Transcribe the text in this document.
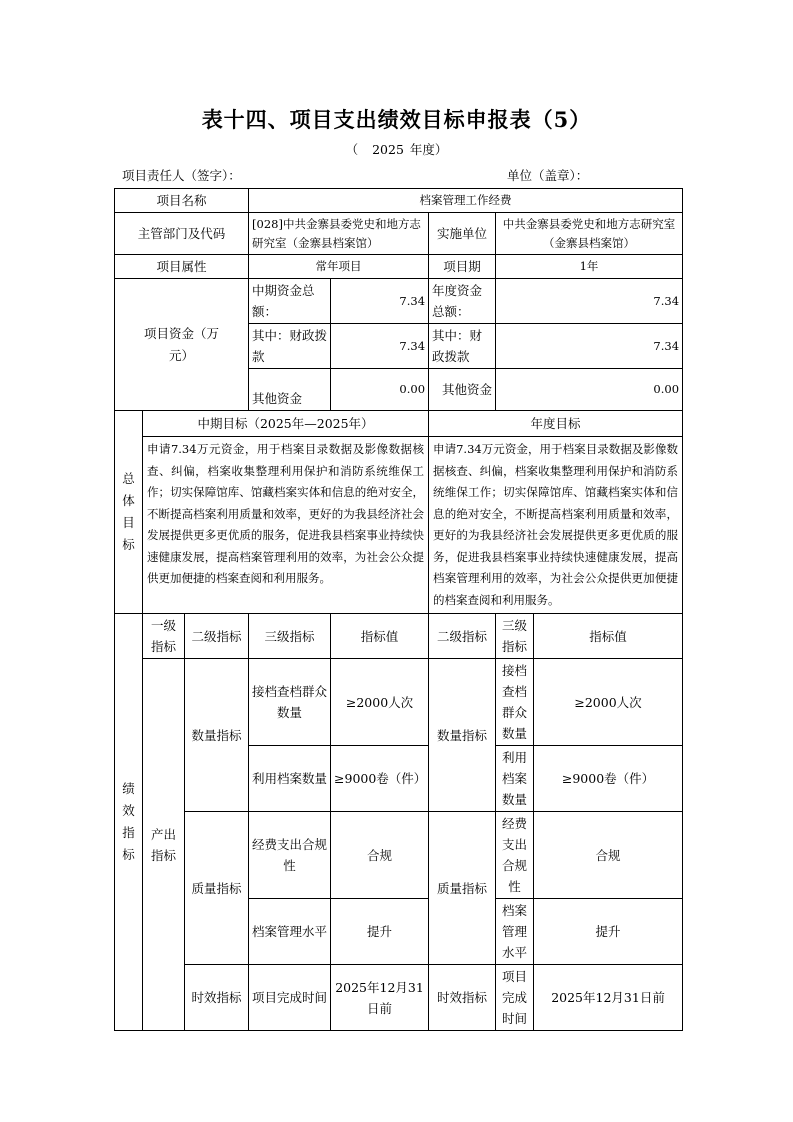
表十四、项目支出绩效目标申报表（5）
（ 2025 年度）
项目责任人（签字）：	单位（盖章）：
项目名称			档案管理工作经费				
主管部门及代码			[028]中共金寨县委党史和地方志研究室（金寨县档案馆）		实施单位	中共金寨县委党史和地方志研究室（金寨县档案馆）	
项目属性			常年项目		项目期	1年	
项目资金（万元）			中期资金总额：	7.34	年度资金总额：	7.34	
			其中：财政拨款	7.34	其中：财政拨款	7.34	
			其他资金	0.00	其他资金	0.00	
总体目标	中期目标（2025年—2025年）				年度目标		
	申请7.34万元资金，用于档案目录数据及影像数据核查、纠偏，档案收集整理利用保护和消防系统维保工作；切实保障馆库、馆藏档案实体和信息的绝对安全，不断提高档案利用质量和效率，更好的为我县经济社会发展提供更多更优质的服务，促进我县档案事业持续快速健康发展，提高档案管理利用的效率，为社会公众提供更加便捷的档案查阅和利用服务。				申请7.34万元资金，用于档案目录数据及影像数据核查、纠偏，档案收集整理利用保护和消防系统维保工作；切实保障馆库、馆藏档案实体和信息的绝对安全，不断提高档案利用质量和效率，更好的为我县经济社会发展提供更多更优质的服务，促进我县档案事业持续快速健康发展，提高档案管理利用的效率，为社会公众提供更加便捷的档案查阅和利用服务。		
绩效指标	一级指标	二级指标	三级指标	指标值	二级指标	三级指标	指标值
	产出指标	数量指标	接档查档群众数量	≥2000人次	数量指标	接档查档群众数量	≥2000人次
			利用档案数量	≥9000卷（件）		利用档案数量	≥9000卷（件）
		质量指标	经费支出合规性	合规	质量指标	经费支出合规性	合规
			档案管理水平	提升		档案管理水平	提升
		时效指标	项目完成时间	2025年12月31日前	时效指标	项目完成时间	2025年12月31日前
